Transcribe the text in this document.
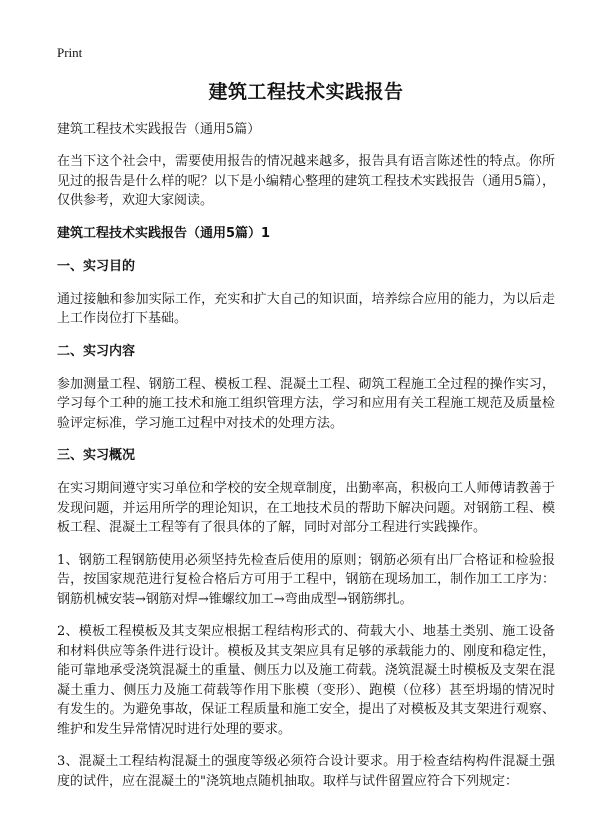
Print
建筑工程技术实践报告
建筑工程技术实践报告（通用5篇）

在当下这个社会中，需要使用报告的情况越来越多，报告具有语言陈述性的特点。你所见过的报告是什么样的呢？以下是小编精心整理的建筑工程技术实践报告（通用5篇），仅供参考，欢迎大家阅读。

建筑工程技术实践报告（通用5篇）1
一、实习目的

通过接触和参加实际工作，充实和扩大自己的知识面，培养综合应用的能力，为以后走上工作岗位打下基础。

二、实习内容

参加测量工程、钢筋工程、模板工程、混凝土工程、砌筑工程施工全过程的操作实习，学习每个工种的施工技术和施工组织管理方法，学习和应用有关工程施工规范及质量检验评定标准，学习施工过程中对技术的处理方法。

三、实习概况

在实习期间遵守实习单位和学校的安全规章制度，出勤率高，积极向工人师傅请教善于发现问题，并运用所学的理论知识，在工地技术员的帮助下解决问题。对钢筋工程、模板工程、混凝土工程等有了很具体的了解，同时对部分工程进行实践操作。

1、钢筋工程钢筋使用必须坚持先检查后使用的原则；钢筋必须有出厂合格证和检验报告，按国家规范进行复检合格后方可用于工程中，钢筋在现场加工，制作加工工序为：钢筋机械安装→钢筋对焊→锥螺纹加工→弯曲成型→钢筋绑扎。

2、模板工程模板及其支架应根据工程结构形式的、荷载大小、地基土类别、施工设备和材料供应等条件进行设计。模板及其支架应具有足够的承载能力的、刚度和稳定性，能可靠地承受浇筑混凝土的重量、侧压力以及施工荷载。浇筑混凝土时模板及支架在混凝土重力、侧压力及施工荷载等作用下胀模（变形）、跑模（位移）甚至坍塌的情况时有发生的。为避免事故，保证工程质量和施工安全，提出了对模板及其支架进行观察、维护和发生异常情况时进行处理的要求。

3、混凝土工程结构混凝土的强度等级必须符合设计要求。用于检查结构构件混凝土强度的试件，应在混凝土的"浇筑地点随机抽取。取样与试件留置应符合下列规定：
